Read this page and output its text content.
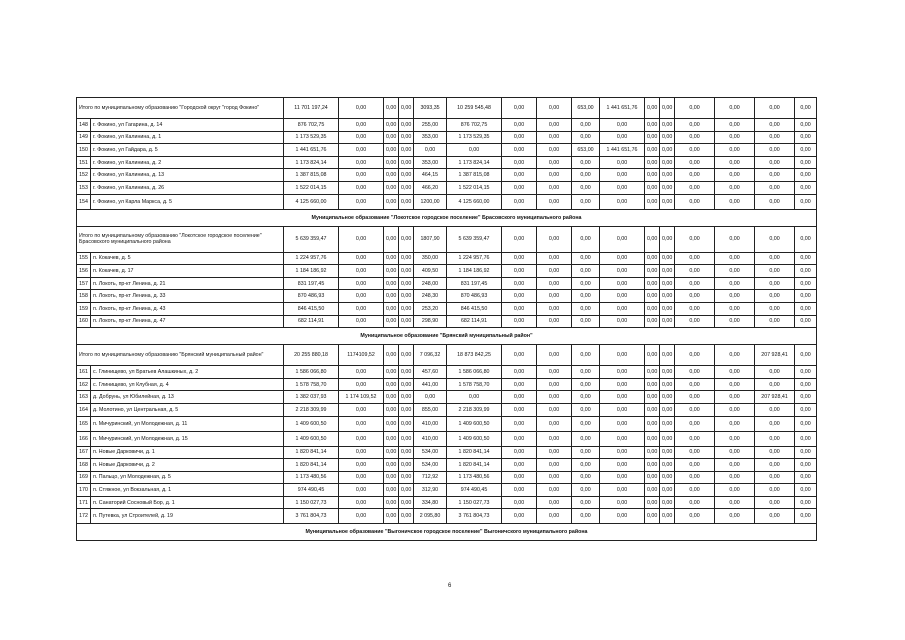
Итого по муниципальному образованию "Городской округ "город Фокино"		11 701 197,24	0,00	0,00	0,00	3093,35	10 259 545,48	0,00	0,00	653,00	1 441 651,76	0,00	0,00	0,00	0,00	0,00	0,00
148	г. Фокино, ул Гагарина, д. 14	876 702,75	0,00	0,00	0,00	255,00	876 702,75	0,00	0,00	0,00	0,00	0,00	0,00	0,00	0,00	0,00	0,00
149	г. Фокино, ул Калинина, д. 1	1 173 529,35	0,00	0,00	0,00	353,00	1 173 529,35	0,00	0,00	0,00	0,00	0,00	0,00	0,00	0,00	0,00	0,00
150	г. Фокино, ул Гайдара, д. 5	1 441 651,76	0,00	0,00	0,00	0,00	0,00	0,00	0,00	653,00	1 441 651,76	0,00	0,00	0,00	0,00	0,00	0,00
151	г. Фокино, ул Калинина, д. 2	1 173 824,14	0,00	0,00	0,00	353,00	1 173 824,14	0,00	0,00	0,00	0,00	0,00	0,00	0,00	0,00	0,00	0,00
152	г. Фокино, ул Калинина, д. 13	1 387 815,08	0,00	0,00	0,00	464,15	1 387 815,08	0,00	0,00	0,00	0,00	0,00	0,00	0,00	0,00	0,00	0,00
153	г. Фокино, ул Калинина, д. 26	1 522 014,15	0,00	0,00	0,00	466,20	1 522 014,15	0,00	0,00	0,00	0,00	0,00	0,00	0,00	0,00	0,00	0,00
154	г. Фокино, ул Карла Маркса, д. 5	4 125 660,00	0,00	0,00	0,00	1200,00	4 125 660,00	0,00	0,00	0,00	0,00	0,00	0,00	0,00	0,00	0,00	0,00
Муниципальное образование "Локотское городское поселение" Брасовского муниципального района																	
Итого по муниципальному образованию "Локотское городское поселение" Брасовского муниципального района		5 639 359,47	0,00	0,00	0,00	1807,90	5 639 359,47	0,00	0,00	0,00	0,00	0,00	0,00	0,00	0,00	0,00	0,00
155	п. Кокачев, д. 5	1 224 957,76	0,00	0,00	0,00	350,00	1 224 957,76	0,00	0,00	0,00	0,00	0,00	0,00	0,00	0,00	0,00	0,00
156	п. Кокачев, д. 17	1 184 186,92	0,00	0,00	0,00	409,50	1 184 186,92	0,00	0,00	0,00	0,00	0,00	0,00	0,00	0,00	0,00	0,00
157	п. Локоть, пр-кт Ленина, д. 21	831 197,45	0,00	0,00	0,00	248,00	831 197,45	0,00	0,00	0,00	0,00	0,00	0,00	0,00	0,00	0,00	0,00
158	п. Локоть, пр-кт Ленина, д. 33	870 486,93	0,00	0,00	0,00	248,30	870 486,93	0,00	0,00	0,00	0,00	0,00	0,00	0,00	0,00	0,00	0,00
159	п. Локоть, пр-кт Ленина, д. 43	846 415,50	0,00	0,00	0,00	253,20	846 415,50	0,00	0,00	0,00	0,00	0,00	0,00	0,00	0,00	0,00	0,00
160	п. Локоть, пр-кт Ленина, д. 47	682 114,91	0,00	0,00	0,00	298,90	682 114,91	0,00	0,00	0,00	0,00	0,00	0,00	0,00	0,00	0,00	0,00
Муниципальное образование "Брянский муниципальный район"																	
Итого по муниципальному образованию "Брянский муниципальный район"		20 255 880,18	1174109,52	0,00	0,00	7 096,32	18 873 842,25	0,00	0,00	0,00	0,00	0,00	0,00	0,00	0,00	207 928,41	0,00
161	с. Глинищево, ул Братьев Алашкиных, д. 2	1 586 066,80	0,00	0,00	0,00	457,60	1 586 066,80	0,00	0,00	0,00	0,00	0,00	0,00	0,00	0,00	0,00	0,00
162	с. Глинищево, ул Клубная, д. 4	1 578 758,70	0,00	0,00	0,00	441,00	1 578 758,70	0,00	0,00	0,00	0,00	0,00	0,00	0,00	0,00	0,00	0,00
163	д. Добрунь, ул Юбилейная, д. 13	1 382 037,93	1 174 109,52	0,00	0,00	0,00	0,00	0,00	0,00	0,00	0,00	0,00	0,00	0,00	0,00	207 928,41	0,00
164	д. Молотино, ул Центральная, д. 5	2 218 309,99	0,00	0,00	0,00	855,00	2 218 309,99	0,00	0,00	0,00	0,00	0,00	0,00	0,00	0,00	0,00	0,00
165	п. Мичуринский, ул Молодежная, д. 11	1 409 600,50	0,00	0,00	0,00	410,00	1 409 600,50	0,00	0,00	0,00	0,00	0,00	0,00	0,00	0,00	0,00	0,00
166	п. Мичуринский, ул Молодежная, д. 15	1 409 600,50	0,00	0,00	0,00	410,00	1 409 600,50	0,00	0,00	0,00	0,00	0,00	0,00	0,00	0,00	0,00	0,00
167	п. Новые Дарковичи, д. 1	1 820 841,14	0,00	0,00	0,00	534,00	1 820 841,14	0,00	0,00	0,00	0,00	0,00	0,00	0,00	0,00	0,00	0,00
168	п. Новые Дарковичи, д. 2	1 820 841,14	0,00	0,00	0,00	534,00	1 820 841,14	0,00	0,00	0,00	0,00	0,00	0,00	0,00	0,00	0,00	0,00
169	п. Пальцо, ул Молодежная, д. 5	1 173 480,56	0,00	0,00	0,00	712,92	1 173 480,56	0,00	0,00	0,00	0,00	0,00	0,00	0,00	0,00	0,00	0,00
170	п. Стяжное, ул Вокзальная, д. 1	974 490,45	0,00	0,00	0,00	312,90	974 490,45	0,00	0,00	0,00	0,00	0,00	0,00	0,00	0,00	0,00	0,00
171	п. Санаторий Сосновый Бор, д. 1	1 150 027,73	0,00	0,00	0,00	334,80	1 150 027,73	0,00	0,00	0,00	0,00	0,00	0,00	0,00	0,00	0,00	0,00
172	п. Путевка, ул Строителей, д. 19	3 761 804,73	0,00	0,00	0,00	2 095,80	3 761 804,73	0,00	0,00	0,00	0,00	0,00	0,00	0,00	0,00	0,00	0,00
Муниципальное образование "Выгоничское городское поселение" Выгоничского муниципального района																	
6
